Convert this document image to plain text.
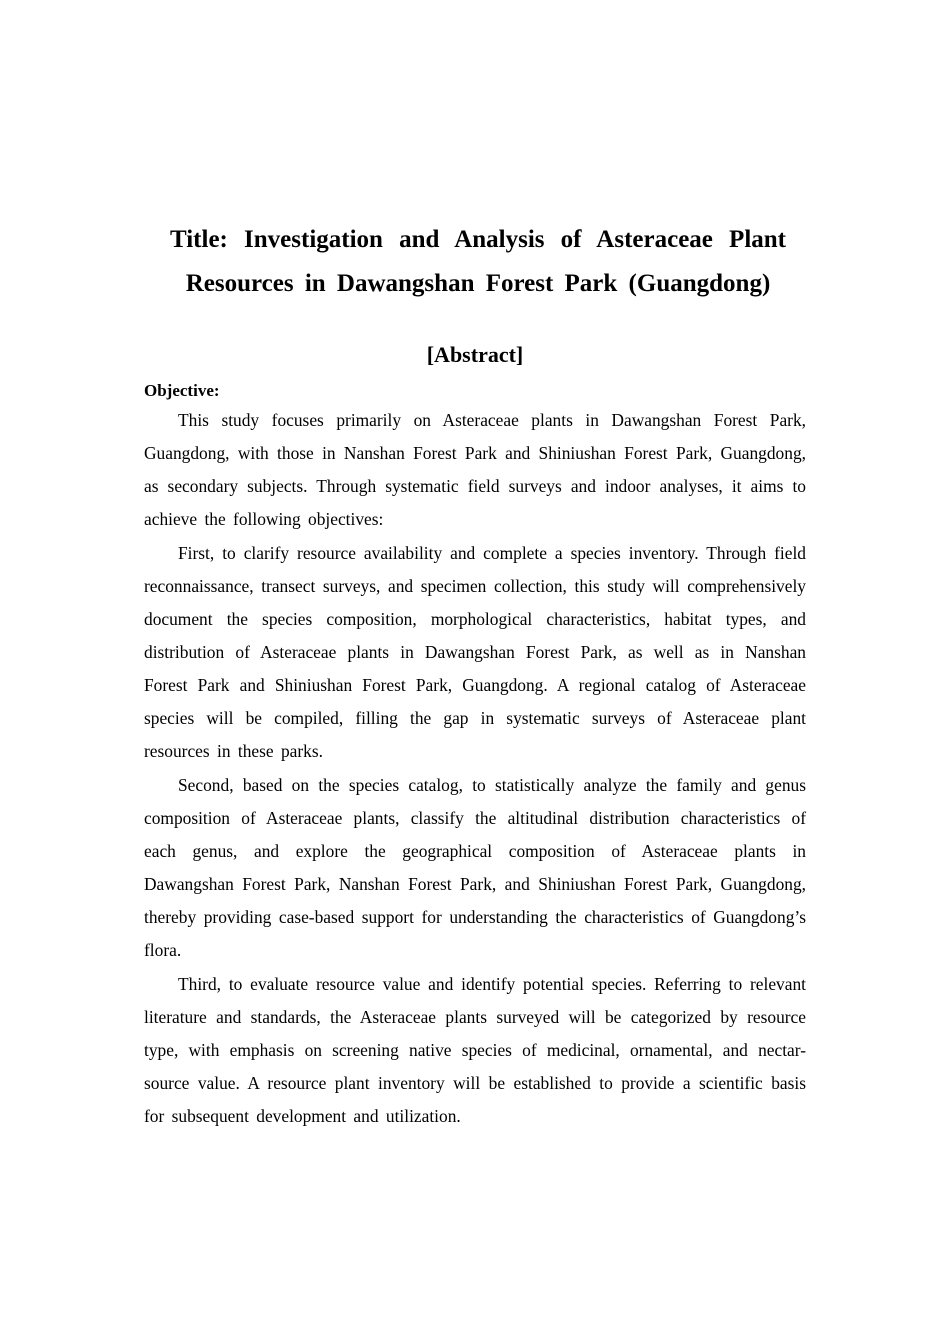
Title: Investigation and Analysis of Asteraceae Plant Resources in Dawangshan Forest Park (Guangdong)
[Abstract]
Objective:

This study focuses primarily on Asteraceae plants in Dawangshan Forest Park, Guangdong, with those in Nanshan Forest Park and Shiniushan Forest Park, Guangdong, as secondary subjects. Through systematic field surveys and indoor analyses, it aims to achieve the following objectives:

First, to clarify resource availability and complete a species inventory. Through field reconnaissance, transect surveys, and specimen collection, this study will comprehensively document the species composition, morphological characteristics, habitat types, and distribution of Asteraceae plants in Dawangshan Forest Park, as well as in Nanshan Forest Park and Shiniushan Forest Park, Guangdong. A regional catalog of Asteraceae species will be compiled, filling the gap in systematic surveys of Asteraceae plant resources in these parks.

Second, based on the species catalog, to statistically analyze the family and genus composition of Asteraceae plants, classify the altitudinal distribution characteristics of each genus, and explore the geographical composition of Asteraceae plants in Dawangshan Forest Park, Nanshan Forest Park, and Shiniushan Forest Park, Guangdong, thereby providing case-based support for understanding the characteristics of Guangdong’s flora.

Third, to evaluate resource value and identify potential species. Referring to relevant literature and standards, the Asteraceae plants surveyed will be categorized by resource type, with emphasis on screening native species of medicinal, ornamental, and nectar-source value. A resource plant inventory will be established to provide a scientific basis for subsequent development and utilization.
